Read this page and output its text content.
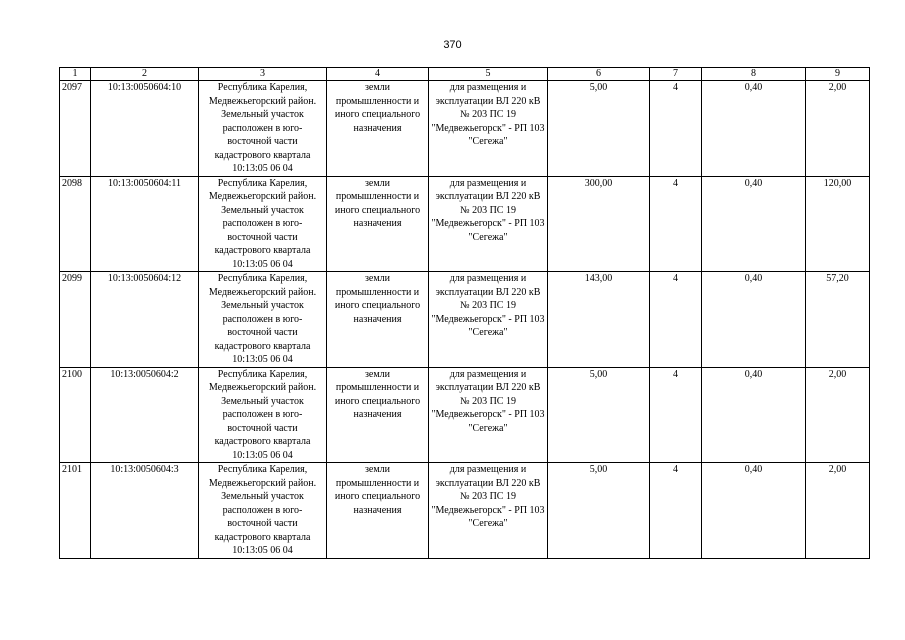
370
1	2	3	4	5	6	7	8	9
2097	10:13:0050604:10	Республика Карелия, Медвежьегорский район. Земельный участок расположен в юго-восточной части кадастрового квартала 10:13:05 06 04	земли промышленности и иного специального назначения	для размещения и эксплуатации ВЛ 220 кВ № 203 ПС 19 "Медвежьегорск" - РП 103 "Сегежа"	5,00	4	0,40	2,00
2098	10:13:0050604:11	Республика Карелия, Медвежьегорский район. Земельный участок расположен в юго-восточной части кадастрового квартала 10:13:05 06 04	земли промышленности и иного специального назначения	для размещения и эксплуатации ВЛ 220 кВ № 203 ПС 19 "Медвежьегорск" - РП 103 "Сегежа"	300,00	4	0,40	120,00
2099	10:13:0050604:12	Республика Карелия, Медвежьегорский район. Земельный участок расположен в юго-восточной части кадастрового квартала 10:13:05 06 04	земли промышленности и иного специального назначения	для размещения и эксплуатации ВЛ 220 кВ № 203 ПС 19 "Медвежьегорск" - РП 103 "Сегежа"	143,00	4	0,40	57,20
2100	10:13:0050604:2	Республика Карелия, Медвежьегорский район. Земельный участок расположен в юго-восточной части кадастрового квартала 10:13:05 06 04	земли промышленности и иного специального назначения	для размещения и эксплуатации ВЛ 220 кВ № 203 ПС 19 "Медвежьегорск" - РП 103 "Сегежа"	5,00	4	0,40	2,00
2101	10:13:0050604:3	Республика Карелия, Медвежьегорский район. Земельный участок расположен в юго-восточной части кадастрового квартала 10:13:05 06 04	земли промышленности и иного специального назначения	для размещения и эксплуатации ВЛ 220 кВ № 203 ПС 19 "Медвежьегорск" - РП 103 "Сегежа"	5,00	4	0,40	2,00
